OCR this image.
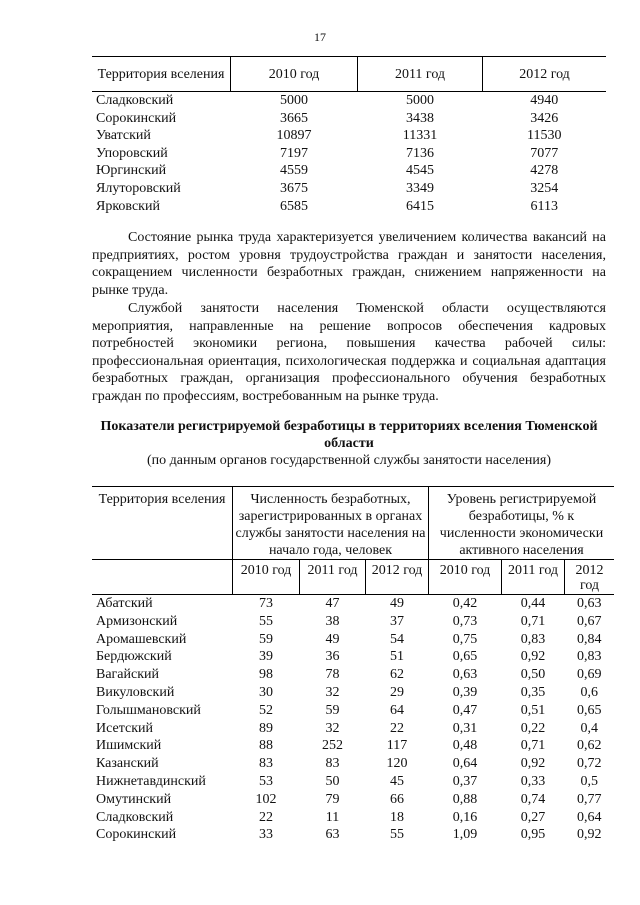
17
Территория вселения	2010 год	2011 год	2012 год
Сладковский	5000	5000	4940
Сорокинский	3665	3438	3426
Уватский	10897	11331	11530
Упоровский	7197	7136	7077
Юргинский	4559	4545	4278
Ялуторовский	3675	3349	3254
Ярковский	6585	6415	6113

Состояние рынка труда характеризуется увеличением количества вакансий на предприятиях, ростом уровня трудоустройства граждан и занятости населения, сокращением численности безработных граждан, снижением напряженности на рынке труда.

Службой занятости населения Тюменской области осуществляются мероприятия, направленные на решение вопросов обеспечения кадровых потребностей экономики региона, повышения качества рабочей силы: профессиональная ориентация, психологическая поддержка и социальная адаптация безработных граждан, организация профессионального обучения безработных граждан по профессиям, востребованным на рынке труда.

Показатели регистрируемой безработицы в территориях вселения Тюменской области
(по данным органов государственной службы занятости населения)
Территория вселения	Численность безработных, зарегистрированных в органах службы занятости населения на начало года, человек			Уровень регистрируемой безработицы, % к численности экономически активного населения		
	2010 год	2011 год	2012 год	2010 год	2011 год	2012 год
Абатский	73	47	49	0,42	0,44	0,63
Армизонский	55	38	37	0,73	0,71	0,67
Аромашевский	59	49	54	0,75	0,83	0,84
Бердюжский	39	36	51	0,65	0,92	0,83
Вагайский	98	78	62	0,63	0,50	0,69
Викуловский	30	32	29	0,39	0,35	0,6
Голышмановский	52	59	64	0,47	0,51	0,65
Исетский	89	32	22	0,31	0,22	0,4
Ишимский	88	252	117	0,48	0,71	0,62
Казанский	83	83	120	0,64	0,92	0,72
Нижнетавдинский	53	50	45	0,37	0,33	0,5
Омутинский	102	79	66	0,88	0,74	0,77
Сладковский	22	11	18	0,16	0,27	0,64
Сорокинский	33	63	55	1,09	0,95	0,92
